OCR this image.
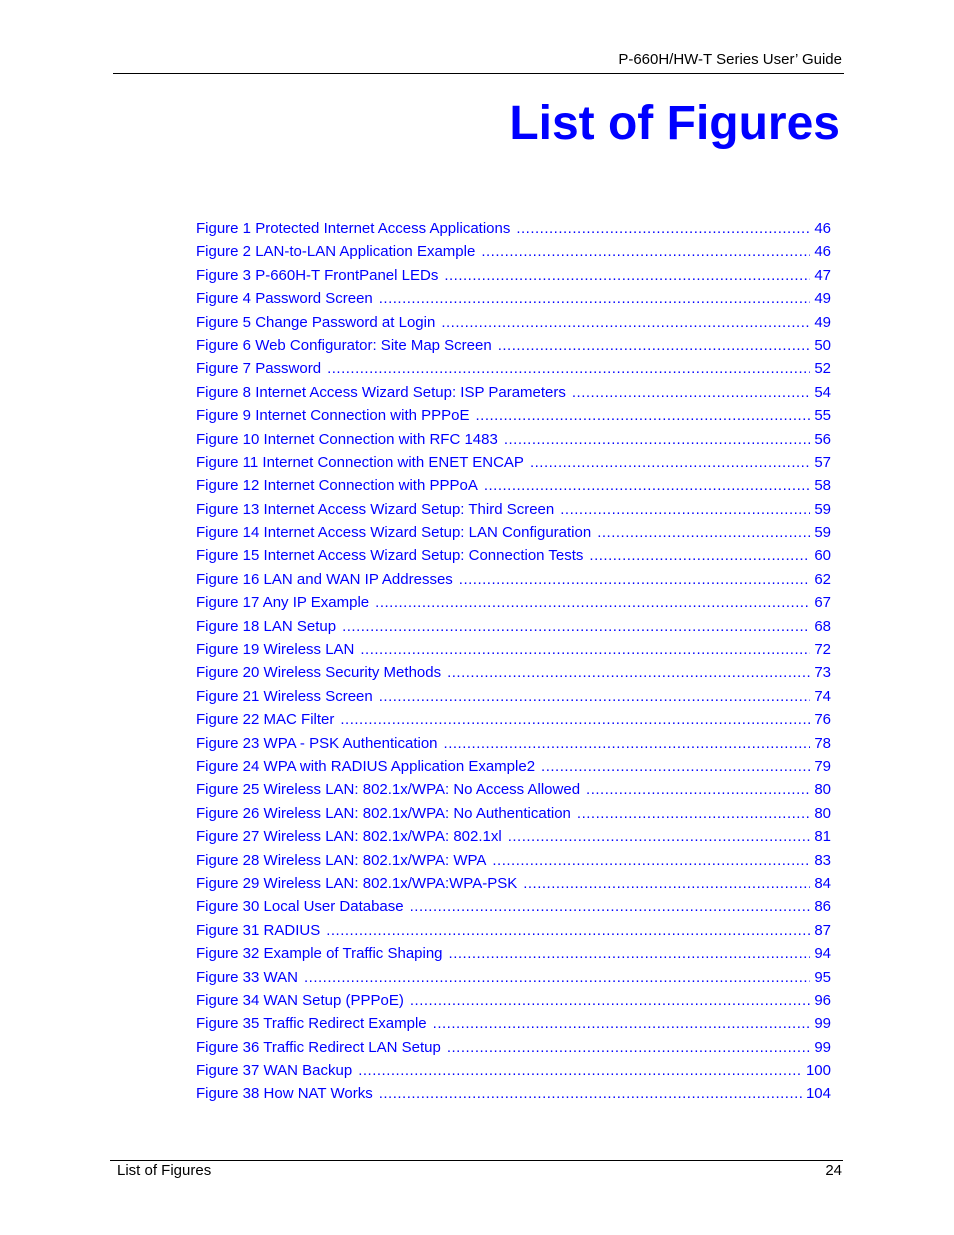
P-660H/HW-T Series User’ Guide
List of Figures
Figure 1 Protected Internet Access Applications .....	46
Figure 2 LAN-to-LAN Application Example .....	46
Figure 3 P-660H-T FrontPanel LEDs .....	47
Figure 4 Password Screen .....	49
Figure 5 Change Password at Login .....	49
Figure 6 Web Configurator: Site Map Screen .....	50
Figure 7 Password .....	52
Figure 8 Internet Access Wizard Setup: ISP Parameters .....	54
Figure 9 Internet Connection with PPPoE .....	55
Figure 10 Internet Connection with RFC 1483 .....	56
Figure 11 Internet Connection with ENET ENCAP .....	57
Figure 12 Internet Connection with PPPoA .....	58
Figure 13 Internet Access Wizard Setup: Third Screen .....	59
Figure 14 Internet Access Wizard Setup: LAN Configuration .....	59
Figure 15 Internet Access Wizard Setup: Connection Tests .....	60
Figure 16 LAN and WAN IP Addresses .....	62
Figure 17 Any IP Example .....	67
Figure 18 LAN Setup .....	68
Figure 19 Wireless LAN .....	72
Figure 20 Wireless Security Methods .....	73
Figure 21 Wireless Screen .....	74
Figure 22 MAC Filter .....	76
Figure 23 WPA - PSK Authentication .....	78
Figure 24 WPA with RADIUS Application Example2 .....	79
Figure 25 Wireless LAN: 802.1x/WPA: No Access Allowed .....	80
Figure 26 Wireless LAN: 802.1x/WPA: No Authentication .....	80
Figure 27 Wireless LAN: 802.1x/WPA: 802.1xl .....	81
Figure 28 Wireless LAN: 802.1x/WPA: WPA .....	83
Figure 29 Wireless LAN: 802.1x/WPA:WPA-PSK .....	84
Figure 30 Local User Database .....	86
Figure 31 RADIUS .....	87
Figure 32 Example of Traffic Shaping .....	94
Figure 33 WAN .....	95
Figure 34 WAN Setup (PPPoE) .....	96
Figure 35 Traffic Redirect Example .....	99
Figure 36 Traffic Redirect LAN Setup .....	99
Figure 37 WAN Backup .....	100
Figure 38 How NAT Works .....	104
List of Figures	24
